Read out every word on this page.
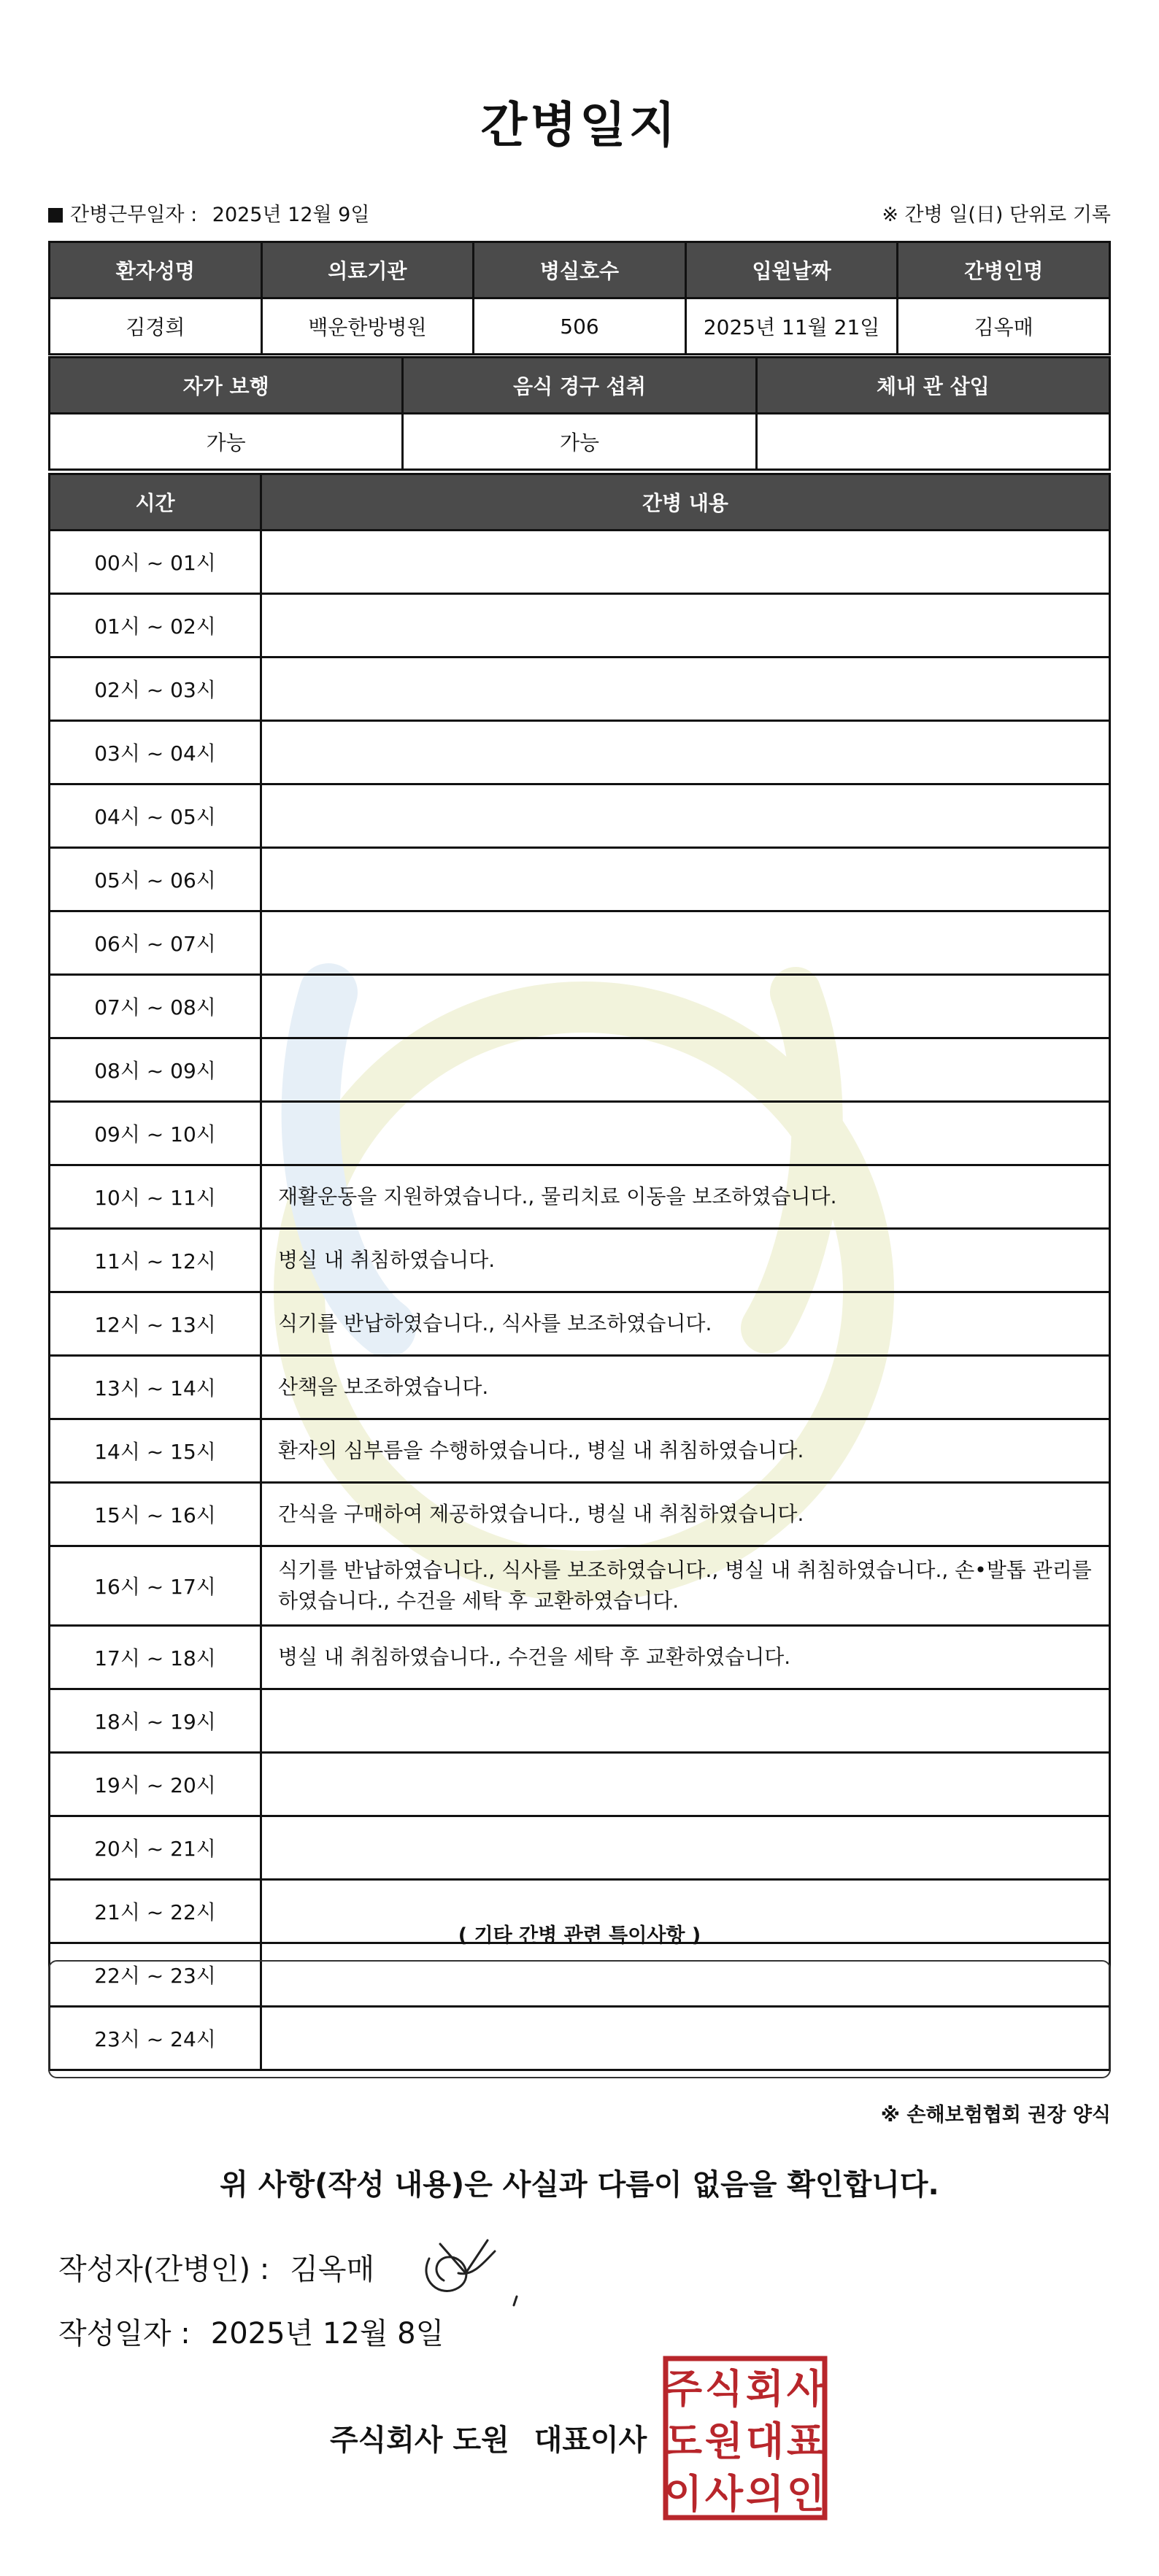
간병일지
간병근무일자 : 2025년 12월 9일	※ 간병 일(日) 단위로 기록
환자성명	의료기관	병실호수	입원날짜	간병인명
김경희	백운한방병원	506	2025년 11월 21일	김옥매
자가 보행	음식 경구 섭취	체내 관 삽입
가능	가능	
시간	간병 내용
00시 ~ 01시	
01시 ~ 02시	
02시 ~ 03시	
03시 ~ 04시	
04시 ~ 05시	
05시 ~ 06시	
06시 ~ 07시	
07시 ~ 08시	
08시 ~ 09시	
09시 ~ 10시	
10시 ~ 11시	재활운동을 지원하였습니다., 물리치료 이동을 보조하였습니다.
11시 ~ 12시	병실 내 취침하였습니다.
12시 ~ 13시	식기를 반납하였습니다., 식사를 보조하였습니다.
13시 ~ 14시	산책을 보조하였습니다.
14시 ~ 15시	환자의 심부름을 수행하였습니다., 병실 내 취침하였습니다.
15시 ~ 16시	간식을 구매하여 제공하였습니다., 병실 내 취침하였습니다.
16시 ~ 17시	식기를 반납하였습니다., 식사를 보조하였습니다., 병실 내 취침하였습니다., 손•발톱 관리를 하였습니다., 수건을 세탁 후 교환하였습니다.
17시 ~ 18시	병실 내 취침하였습니다., 수건을 세탁 후 교환하였습니다.
18시 ~ 19시	
19시 ~ 20시	
20시 ~ 21시	
21시 ~ 22시	
22시 ~ 23시	
23시 ~ 24시	
( 기타 간병 관련 특이사항 )
※ 손해보험협회 권장 양식
위 사항(작성 내용)은 사실과 다름이 없음을 확인합니다.
작성자(간병인) : 김옥매
작성일자 : 2025년 12월 8일
주식회사 도원 대표이사
주 식 회 사
도 원 대 표
이 사 의 인
